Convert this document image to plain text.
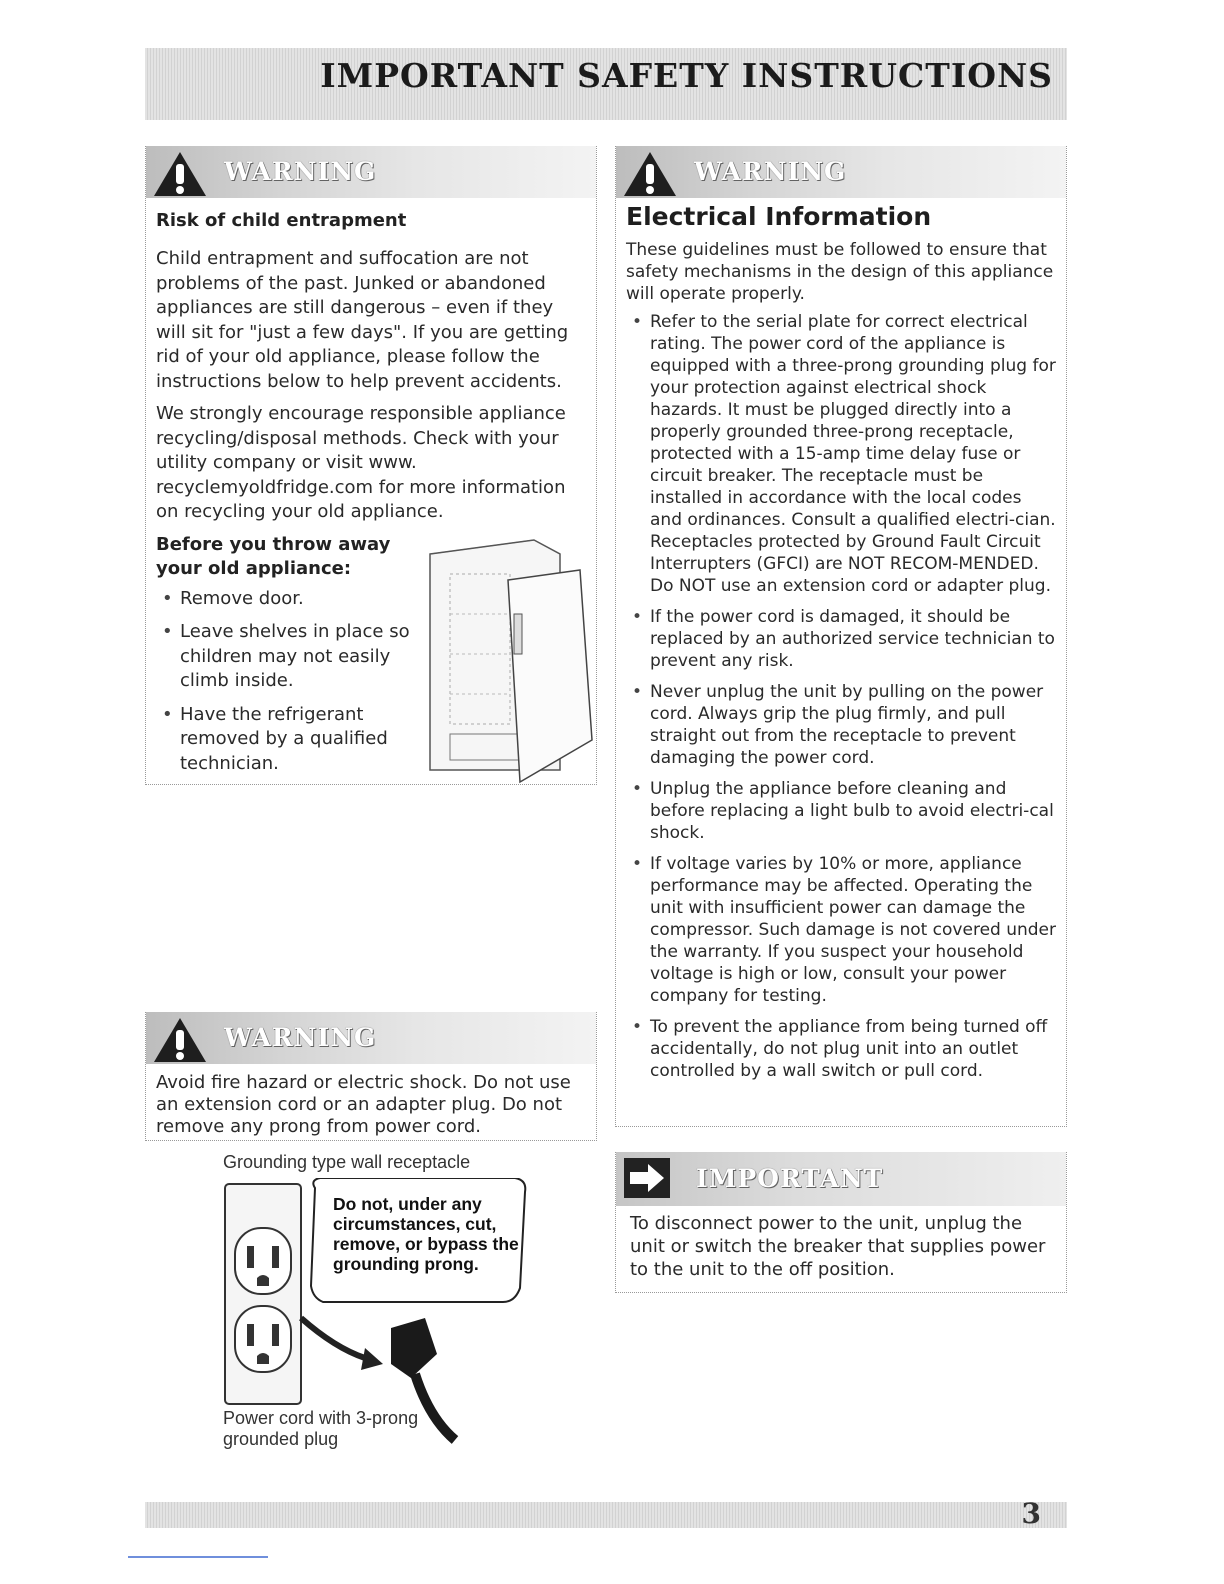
IMPORTANT SAFETY INSTRUCTIONS
WARNING
Risk of child entrapment

Child entrapment and suffocation are not problems of the past. Junked or abandoned appliances are still dangerous – even if they will sit for "just a few days". If you are getting rid of your old appliance, please follow the instructions below to help prevent accidents.

We strongly encourage responsible appliance recycling/disposal methods. Check with your utility company or visit www. recyclemyoldfridge.com for more information on recycling your old appliance.

Before you throw away your old appliance:
• Remove door.
• Leave shelves in place so children may not easily climb inside.
• Have the refrigerant removed by a qualified technician.
WARNING

Avoid fire hazard or electric shock. Do not use an extension cord or an adapter plug. Do not remove any prong from power cord.

Grounding type wall receptacle
Do not, under any circumstances, cut, remove, or bypass the grounding prong.
Power cord with 3-prong grounded plug
WARNING
Electrical Information

These guidelines must be followed to ensure that safety mechanisms in the design of this appliance will operate properly.

• Refer to the serial plate for correct electrical rating. The power cord of the appliance is equipped with a three-prong grounding plug for your protection against electrical shock hazards. It must be plugged directly into a properly grounded three-prong receptacle, protected with a 15-amp time delay fuse or circuit breaker. The receptacle must be installed in accordance with the local codes and ordinances. Consult a qualified electri-cian. Receptacles protected by Ground Fault Circuit Interrupters (GFCI) are NOT RECOM-MENDED. Do NOT use an extension cord or adapter plug.
• If the power cord is damaged, it should be replaced by an authorized service technician to prevent any risk.
• Never unplug the unit by pulling on the power cord. Always grip the plug firmly, and pull straight out from the receptacle to prevent damaging the power cord.
• Unplug the appliance before cleaning and before replacing a light bulb to avoid electri-cal shock.
• If voltage varies by 10% or more, appliance performance may be affected. Operating the unit with insufficient power can damage the compressor. Such damage is not covered under the warranty. If you suspect your household voltage is high or low, consult your power company for testing.
• To prevent the appliance from being turned off accidentally, do not plug unit into an outlet controlled by a wall switch or pull cord.
IMPORTANT

To disconnect power to the unit, unplug the unit or switch the breaker that supplies power to the unit to the off position.

3
